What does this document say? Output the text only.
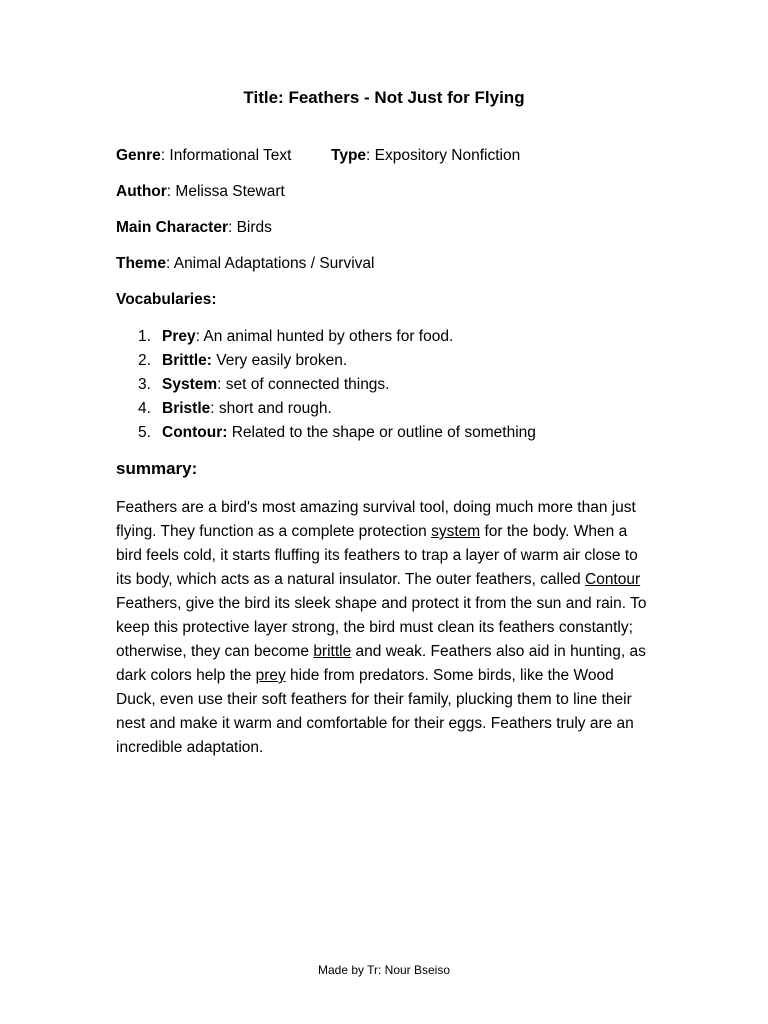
Title: Feathers - Not Just for Flying
Genre: Informational Text	Type: Expository Nonfiction
Author: Melissa Stewart
Main Character: Birds
Theme: Animal Adaptations / Survival
Vocabularies:
1. Prey: An animal hunted by others for food.
2. Brittle: Very easily broken.
3. System: set of connected things.
4. Bristle: short and rough.
5. Contour: Related to the shape or outline of something
summary:

Feathers are a bird's most amazing survival tool, doing much more than just flying. They function as a complete protection system for the body. When a bird feels cold, it starts fluffing its feathers to trap a layer of warm air close to its body, which acts as a natural insulator. The outer feathers, called Contour Feathers, give the bird its sleek shape and protect it from the sun and rain. To keep this protective layer strong, the bird must clean its feathers constantly; otherwise, they can become brittle and weak. Feathers also aid in hunting, as dark colors help the prey hide from predators. Some birds, like the Wood Duck, even use their soft feathers for their family, plucking them to line their nest and make it warm and comfortable for their eggs. Feathers truly are an incredible adaptation.

Made by Tr: Nour Bseiso
